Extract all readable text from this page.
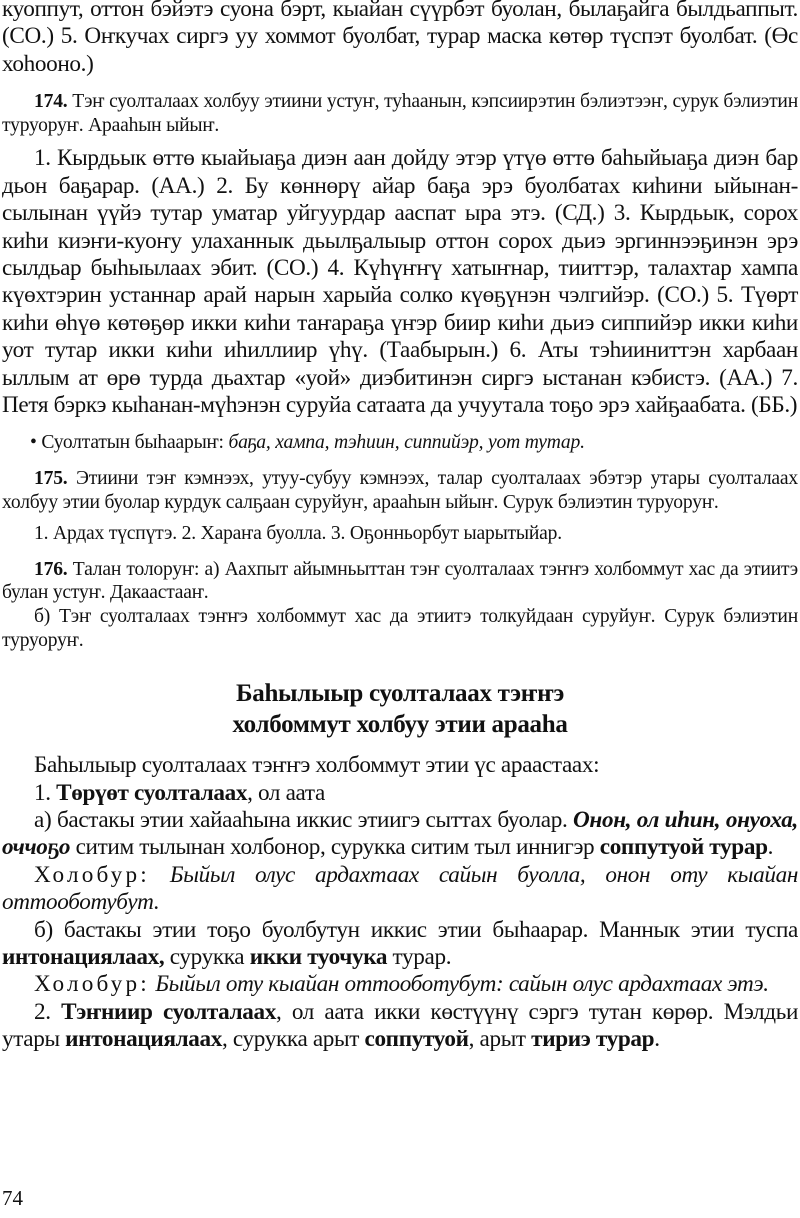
куоппут, оттон бэйэтэ суона бэрт, кыайан сүүрбэт буолан, былаҕайга былдьаппыт. (СО.) 5. Оҥкучах сиргэ уу хоммот буолбат, турар маска көтөр түспэт буолбат. (Өс хоһооно.)

174. Тэҥ суолталаах холбуу этиини устуҥ, туһаанын, кэпсиирэтин бэлиэтээҥ, сурук бэлиэтин туруоруҥ. Арааһын ыйыҥ.

1. Кырдьык өттө кыайыаҕа диэн аан дойду этэр үтүө өттө баһыйыаҕа диэн бар дьон баҕарар. (АА.) 2. Бу көннөрү айар баҕа эрэ буолбатах киһини ыйынан-сылынан үүйэ тутар уматар уйгуурдар ааспат ыра этэ. (СД.) 3. Кырдьык, сорох киһи киэҥи-куоҥу улаханнык дьылҕалыыр оттон сорох дьиэ эргиннээҕинэн эрэ сылдьар быһыылаах эбит. (СО.) 4. Күһүҥҥү хатыҥнар, тииттэр, талахтар хампа күөхтэрин устаннар арай нарын харыйа солко күөҕүнэн чэлгийэр. (СО.) 5. Түөрт киһи өһүө көтөҕөр икки киһи таҥараҕа үҥэр биир киһи дьиэ сиппийэр икки киһи уот тутар икки киһи иһиллиир үһү. (Таабырын.) 6. Аты тэһииниттэн харбаан ыллым ат өрө турда дьахтар «уой» диэбитинэн сиргэ ыстанан кэбистэ. (АА.) 7. Петя бэркэ кыһанан-мүһэнэн суруйа сатаата да учуутала тоҕо эрэ хайҕаабата. (ББ.)

• Суолтатын быһаарыҥ: баҕа, хампа, тэһиин, сиппийэр, уот тутар.

175. Этиини тэҥ кэмнээх, утуу-субуу кэмнээх, талар суолталаах эбэтэр утары суолталаах холбуу этии буолар курдук салҕаан суруйуҥ, араaһын ыйыҥ. Сурук бэлиэтин туруоруҥ.

1. Ардах түспүтэ. 2. Хараҥа буолла. 3. Оҕонньорбут ыарытыйар.

176. Талан толоруҥ: а) Аахпыт айымньыттан тэҥ суолталаах тэҥҥэ холбоммут хас да этиитэ булан устуҥ. Дакаастааҥ.

б) Тэҥ суолталаах тэҥҥэ холбоммут хас да этиитэ толкуйдаан суруйуҥ. Сурук бэлиэтин туруоруҥ.

Баһылыыр суолталаах тэҥҥэ
холбоммут холбуу этии арааһа

Баһылыыр суолталаах тэҥҥэ холбоммут этии үс араастаах:

1. Төрүөт суолталаах, ол аата

а) бастакы этии хайааһына иккис этиигэ сыттах буолар. Онон, ол иһин, онуоха, оччоҕо ситим тылынан холбонор, сурукка ситим тыл иннигэр соппутуой турар.

Холобур: Быйыл олус ардахтаах сайын буолла, онон оту кыайан оттооботубут.

б) бастакы этии тоҕо буолбутун иккис этии быһаарар. Маннык этии туспа интонациялаах, сурукка икки туочука турар.

Холобур: Быйыл оту кыайан оттооботубут: сайын олус ардахтаах этэ.

2. Тэҥниир суолталаах, ол аата икки көстүүнү сэргэ тутан көрөр. Мэлдьи утары интонациялаах, сурукка арыт соппутуой, арыт тириэ турар.

74
